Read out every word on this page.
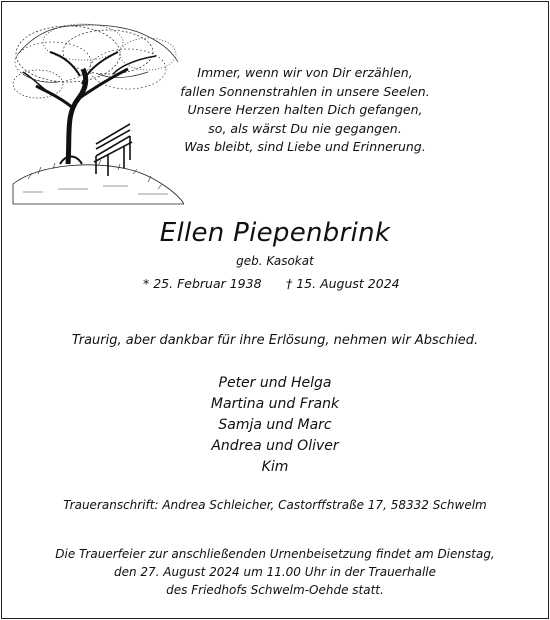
Immer, wenn wir von Dir erzählen,
fallen Sonnenstrahlen in unsere Seelen.
Unsere Herzen halten Dich gefangen,
so, als wärst Du nie gegangen.
Was bleibt, sind Liebe und Erinnerung.
Ellen Piepenbrink
geb. Kasokat
* 25. Februar 1938 † 15. August 2024
Traurig, aber dankbar für ihre Erlösung, nehmen wir Abschied.
Peter und Helga
Martina und Frank
Samja und Marc
Andrea und Oliver
Kim
Traueranschrift: Andrea Schleicher, Castorffstraße 17, 58332 Schwelm
Die Trauerfeier zur anschließenden Urnenbeisetzung findet am Dienstag,
den 27. August 2024 um 11.00 Uhr in der Trauerhalle
des Friedhofs Schwelm-Oehde statt.
